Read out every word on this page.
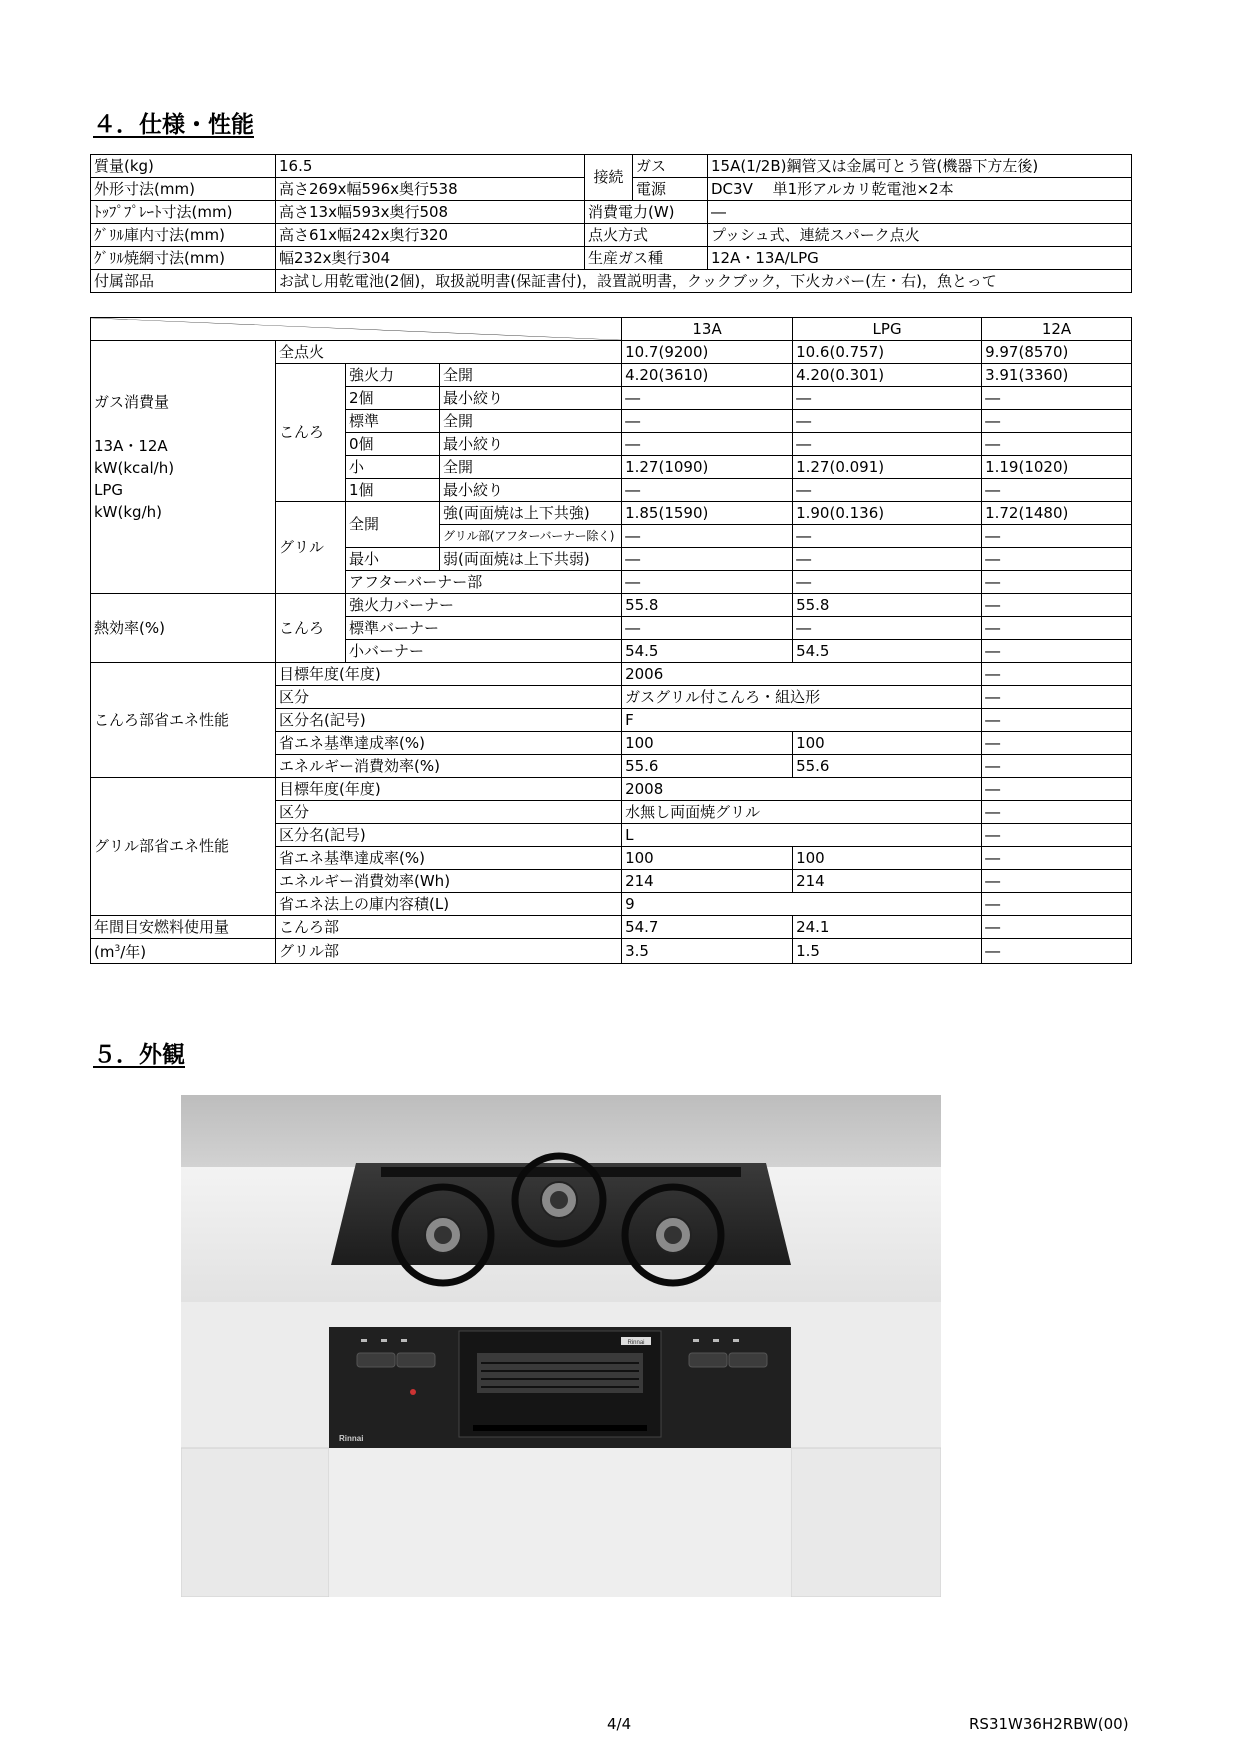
４．仕様・性能
質量(kg)	16.5	接続	ガス	15A(1/2B)鋼管又は金属可とう管(機器下方左後)
外形寸法(mm)	高さ269x幅596x奥行538		電源	DC3V　 単1形アルカリ乾電池×2本
ﾄｯﾌﾟﾌﾟﾚｰﾄ寸法(mm)	高さ13x幅593x奥行508	消費電力(W)		―
ｸﾞﾘﾙ庫内寸法(mm)	高さ61x幅242x奥行320	点火方式		プッシュ式、連続スパーク点火
ｸﾞﾘﾙ焼網寸法(mm)	幅232x奥行304	生産ガス種		12A・13A/LPG
付属部品	お試し用乾電池(2個)，取扱説明書(保証書付)，設置説明書，クックブック，下火カバー(左・右)，魚とって			
	13A	LPG	12A

ガス消費量
13A・12A
kW(kcal/h)
LPG
kW(kg/h)	全点火			10.7(9200)	10.6(0.757)	9.97(8570)
	こんろ	強火力	全開	4.20(3610)	4.20(0.301)	3.91(3360)
		2個	最小絞り	―	―	―
		標準	全開	―	―	―
		0個	最小絞り	―	―	―
		小	全開	1.27(1090)	1.27(0.091)	1.19(1020)
		1個	最小絞り	―	―	―
	グリル	全開	強(両面焼は上下共強)	1.85(1590)	1.90(0.136)	1.72(1480)
			グリル部(アフターバーナー除く)	―	―	―
		最小	弱(両面焼は上下共弱)	―	―	―
		アフターバーナー部		―	―	―
熱効率(%)	こんろ	強火力バーナー		55.8	55.8	―
		標準バーナー		―	―	―
		小バーナー		54.5	54.5	―
こんろ部省エネ性能	目標年度(年度)			2006		―
	区分			ガスグリル付こんろ・組込形		―
	区分名(記号)			F		―
	省エネ基準達成率(%)			100	100	―
	エネルギー消費効率(%)			55.6	55.6	―
グリル部省エネ性能	目標年度(年度)			2008		―
	区分			水無し両面焼グリル		―
	区分名(記号)			L		―
	省エネ基準達成率(%)			100	100	―
	エネルギー消費効率(Wh)			214	214	―
	省エネ法上の庫内容積(L)			9		―
年間目安燃料使用量	こんろ部			54.7	24.1	―
($m^3/$年)	グリル部			3.5	1.5	―
５．外観
Rinnai
Rinnai
4/4	RS31W36H2RBW(00)
